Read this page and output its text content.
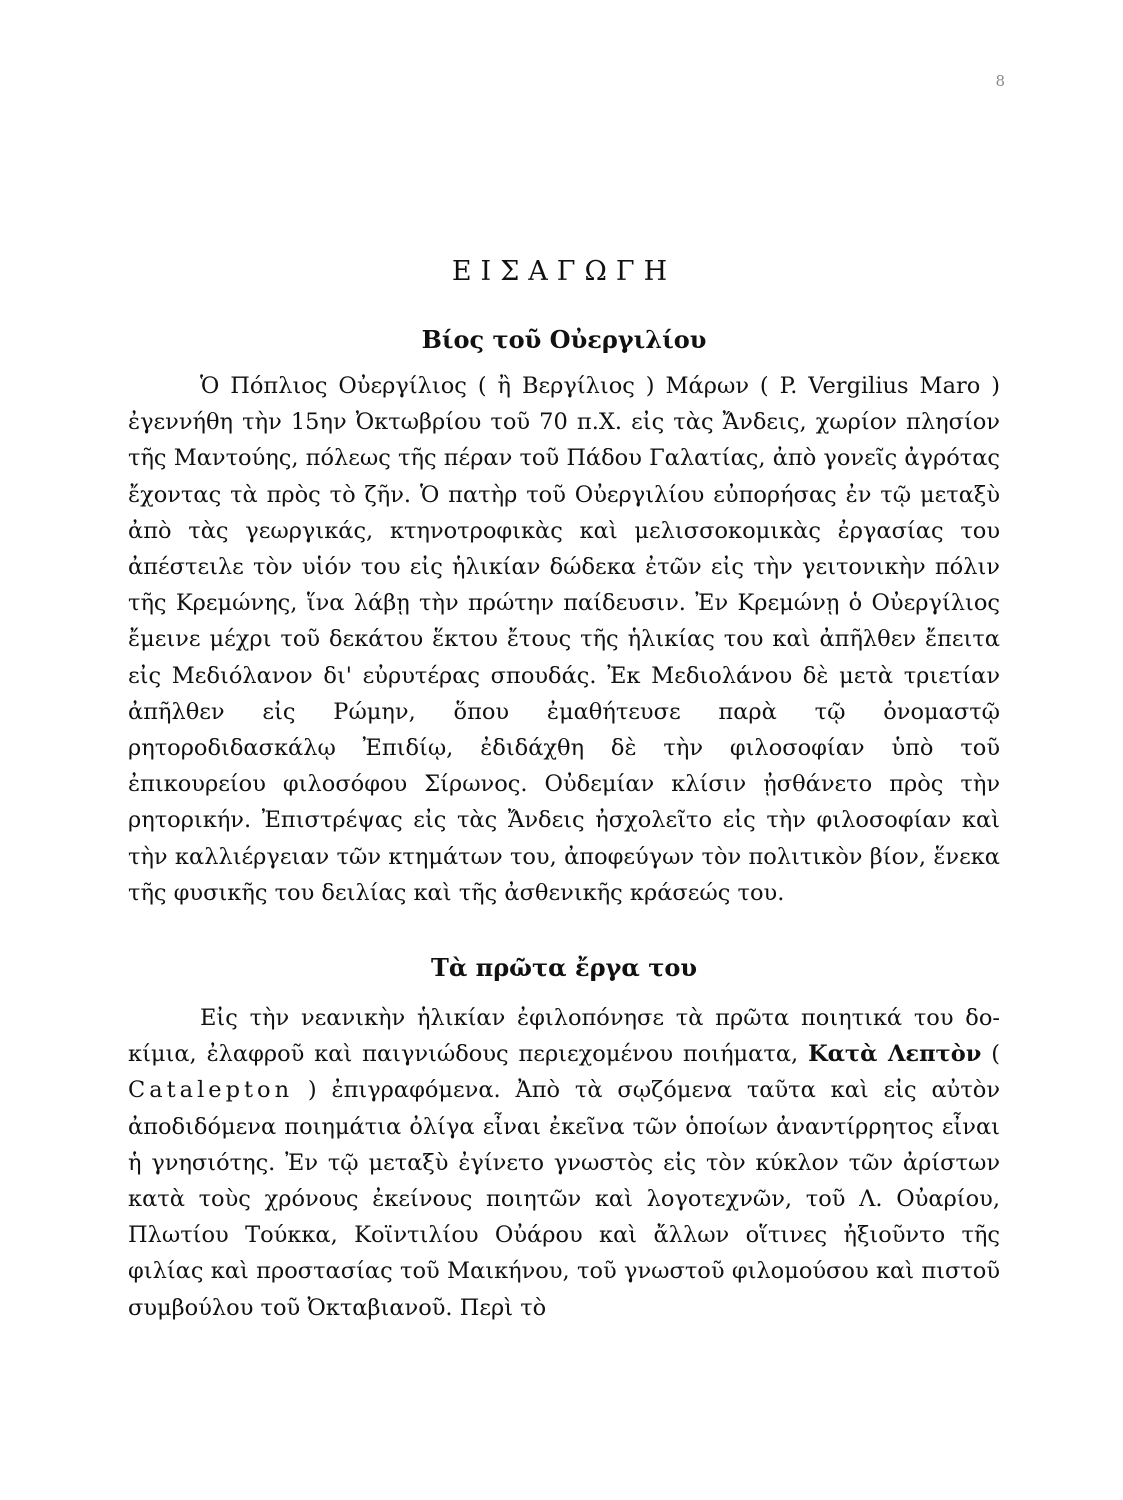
8
ΕΙΣΑΓΩΓΗ
Βίος τοῦ Οὐεργιλίου

Ὁ Πόπλιος Οὐεργίλιος ( ἢ Βεργίλιος ) Μάρων ( P. Vergilius Maro ) ἐγεννήθη τὴν 15ην Ὀκτωβρίου τοῦ 70 π.Χ. εἰς τὰς Ἄνδεις, χωρίον πλησίον τῆς Μαντούης, πόλεως τῆς πέραν τοῦ Πάδου Γαλατίας, ἀπὸ γονεῖς ἀγρότας ἔχοντας τὰ πρὸς τὸ ζῆν. Ὁ πατὴρ τοῦ Οὐεργιλίου εὐπορήσας ἐν τῷ μεταξὺ ἀπὸ τὰς γεωργικάς, κτηνοτροφικὰς καὶ μελισσοκομικὰς ἐργασίας του ἀπέστειλε τὸν υἱόν του εἰς ἡλικίαν δώδεκα ἐτῶν εἰς τὴν γειτονικὴν πόλιν τῆς Κρεμώνης, ἵνα λάβῃ τὴν πρώτην παίδευσιν. Ἐν Κρεμώνῃ ὁ Οὐεργίλιος ἔμεινε μέχρι τοῦ δεκάτου ἕκτου ἔτους τῆς ἡλικίας του καὶ ἀπῆλθεν ἔπειτα εἰς Μεδιόλανον δι' εὐρυτέρας σπουδάς. Ἐκ Μεδιολάνου δὲ μετὰ τριετίαν ἀπῆλθεν εἰς Ρώμην, ὅπου ἐμαθήτευσε παρὰ τῷ ὀνομαστῷ ρητοροδιδασκάλῳ Ἐπιδίῳ, ἐδιδάχθη δὲ τὴν φιλοσοφίαν ὑπὸ τοῦ ἐπικουρείου φιλοσόφου Σίρωνος. Οὐδεμίαν κλίσιν ᾐσθάνετο πρὸς τὴν ρητορικήν. Ἐπιστρέψας εἰς τὰς Ἄνδεις ἠσχολεῖτο εἰς τὴν φιλοσοφίαν καὶ τὴν καλλιέργειαν τῶν κτημάτων του, ἀποφεύγων τὸν πολιτικὸν βίον, ἕνεκα τῆς φυσικῆς του δειλίας καὶ τῆς ἀσθενικῆς κράσεώς του.

Τὰ πρῶτα ἔργα του

Εἰς τὴν νεανικὴν ἡλικίαν ἐφιλοπόνησε τὰ πρῶτα ποιητικά του δοκίμια, ἐλαφροῦ καὶ παιγνιώδους περιεχομένου ποιήματα, Κατὰ Λεπτὸν ( Catalepton ) ἐπιγραφόμενα. Ἀπὸ τὰ σῳζόμενα ταῦτα καὶ εἰς αὐτὸν ἀποδιδόμενα ποιημάτια ὀλίγα εἶναι ἐκεῖνα τῶν ὁποίων ἀναντίρρητος εἶναι ἡ γνησιότης. Ἐν τῷ μεταξὺ ἐγίνετο γνωστὸς εἰς τὸν κύκλον τῶν ἀρίστων κατὰ τοὺς χρόνους ἐκείνους ποιητῶν καὶ λογοτεχνῶν, τοῦ Λ. Οὐαρίου, Πλωτίου Τούκκα, Κοϊντιλίου Οὐάρου καὶ ἄλλων οἵτινες ἠξιοῦντο τῆς φιλίας καὶ προστασίας τοῦ Μαικήνου, τοῦ γνωστοῦ φιλομούσου καὶ πιστοῦ συμβούλου τοῦ Ὀκταβιανοῦ. Περὶ τὸ
